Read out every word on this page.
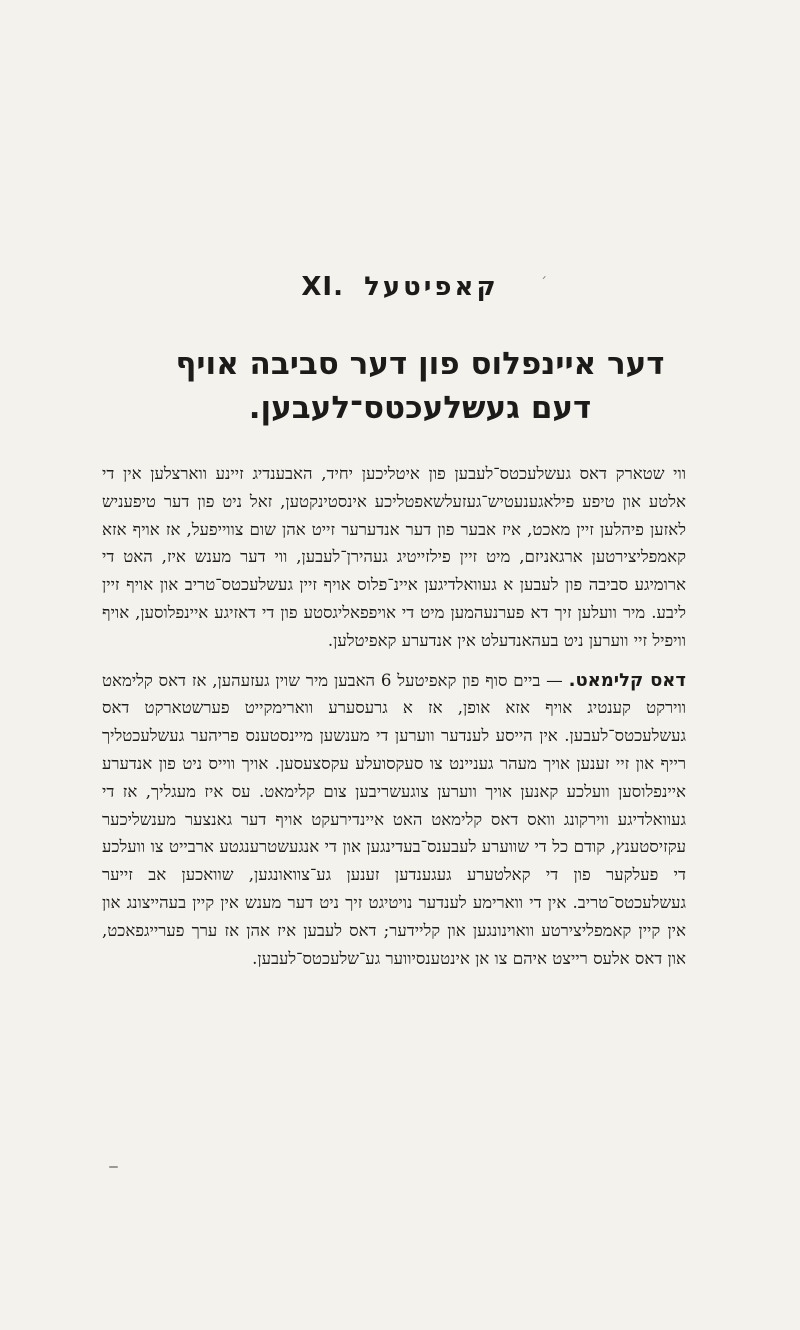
XI. קאפיטעל	´
דער איינפלוס פון דער סביבה אויף דעם געשלעכטס־לעבען.

ווי שטארק דאס געשלעכטס־לעבען פון איטליכען יחיד, האבענדיג זיינע ווארצלען אין די אלטע און טיפע פילאגענעטיש־געזעלשאפטליכע אינסטינקטען, זאל ניט פון דער טיפעניש לאזען פיהלען זיין מאכט, איז אבער פון דער אנדערער זייט אהן שום צווייפעל, אז אויף אזא קאמפליצירטען ארגאניזם, מיט זיין פילזייטיג געהירן־לעבען, ווי דער מענש איז, האט די ארומיגע סביבה פון לעבען א געוואלדיגען איינ־פלוס אויף זיין געשלעכטס־טריב און אויף זיין ליבע. מיר וועלען זיך דא פערנעהמען מיט די אויפפאליגסטע פון די דאזיגע איינפלוסען, אויף וויפיל זיי ווערען ניט בעהאנדעלט אין אנדערע קאפיטלען.

דאס קלימאט. — ביים סוף פון קאפיטעל 6 האבען מיר שוין געזעהען, אז דאס קלימאט ווירקט קענטיג אויף אזא אופן, אז א גרעסערע ווארימקייט פערשטארקט דאס געשלעכטס־לעבען. אין הייסע לענדער ווערען די מענשען מיינסטענס פריהער געשלעכטליך רייף און זיי זענען אויך מעהר געניינט צו סעקסועלע עקסצעסען. אויך ווייס ניט פון אנדערע איינפלוסען וועלכע קאנען אויך ווערען צוגעשריבען צום קלימאט. עס איז מעגליך, אז די געוואלדיגע ווירקונג וואס דאס קלימאט האט איינדירעקט אויף דער גאנצער מענשליכער עקזיסטענץ, קודם כל די שווערע לעבענס־בעדינגען און די אנגעשטרענגטע ארבייט צו וועלכע די פעלקער פון די קאלטערע געגענדען זענען גע־צוואונגען, שוואכען אב זייער געשלעכטס־טריב. אין די ווארימע לענדער נויטיגט זיך ניט דער מענש אין קיין בעהייצונג און אין קיין קאמפליצירטע וואוינונגען און קליידער; דאס לעבען איז אהן אז ערך פערייגפאכט, און דאס אלעס רייצט איהם צו אן אינטענסיווער גע־שלעכטס־לעבען.
